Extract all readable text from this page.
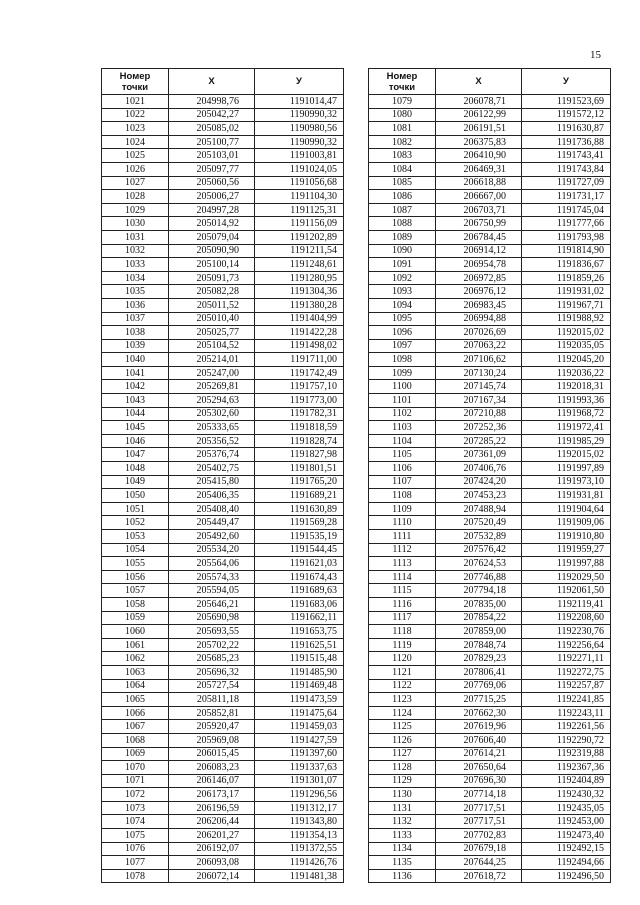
15
Номер
точки	X	У
1021	204998,76	1191014,47
1022	205042,27	1190990,32
1023	205085,02	1190980,56
1024	205100,77	1190990,32
1025	205103,01	1191003,81
1026	205097,77	1191024,05
1027	205060,56	1191056,68
1028	205006,27	1191104,30
1029	204997,28	1191125,31
1030	205014,92	1191156,09
1031	205079,04	1191202,89
1032	205090,90	1191211,54
1033	205100,14	1191248,61
1034	205091,73	1191280,95
1035	205082,28	1191304,36
1036	205011,52	1191380,28
1037	205010,40	1191404,99
1038	205025,77	1191422,28
1039	205104,52	1191498,02
1040	205214,01	1191711,00
1041	205247,00	1191742,49
1042	205269,81	1191757,10
1043	205294,63	1191773,00
1044	205302,60	1191782,31
1045	205333,65	1191818,59
1046	205356,52	1191828,74
1047	205376,74	1191827,98
1048	205402,75	1191801,51
1049	205415,80	1191765,20
1050	205406,35	1191689,21
1051	205408,40	1191630,89
1052	205449,47	1191569,28
1053	205492,60	1191535,19
1054	205534,20	1191544,45
1055	205564,06	1191621,03
1056	205574,33	1191674,43
1057	205594,05	1191689,63
1058	205646,21	1191683,06
1059	205690,98	1191662,11
1060	205693,55	1191653,75
1061	205702,22	1191625,51
1062	205685,23	1191515,48
1063	205696,32	1191485,90
1064	205727,54	1191469,48
1065	205811,18	1191473,59
1066	205852,81	1191475,64
1067	205920,47	1191459,03
1068	205969,08	1191427,59
1069	206015,45	1191397,60
1070	206083,23	1191337,63
1071	206146,07	1191301,07
1072	206173,17	1191296,56
1073	206196,59	1191312,17
1074	206206,44	1191343,80
1075	206201,27	1191354,13
1076	206192,07	1191372,55
1077	206093,08	1191426,76
1078	206072,14	1191481,38
Номер
точки	X	У
1079	206078,71	1191523,69
1080	206122,99	1191572,12
1081	206191,51	1191630,87
1082	206375,83	1191736,88
1083	206410,90	1191743,41
1084	206469,31	1191743,84
1085	206618,88	1191727,09
1086	206667,00	1191731,17
1087	206703,71	1191745,04
1088	206750,99	1191777,66
1089	206784,45	1191793,98
1090	206914,12	1191814,90
1091	206954,78	1191836,67
1092	206972,85	1191859,26
1093	206976,12	1191931,02
1094	206983,45	1191967,71
1095	206994,88	1191988,92
1096	207026,69	1192015,02
1097	207063,22	1192035,05
1098	207106,62	1192045,20
1099	207130,24	1192036,22
1100	207145,74	1192018,31
1101	207167,34	1191993,36
1102	207210,88	1191968,72
1103	207252,36	1191972,41
1104	207285,22	1191985,29
1105	207361,09	1192015,02
1106	207406,76	1191997,89
1107	207424,20	1191973,10
1108	207453,23	1191931,81
1109	207488,94	1191904,64
1110	207520,49	1191909,06
1111	207532,89	1191910,80
1112	207576,42	1191959,27
1113	207624,53	1191997,88
1114	207746,88	1192029,50
1115	207794,18	1192061,50
1116	207835,00	1192119,41
1117	207854,22	1192208,60
1118	207859,00	1192230,76
1119	207848,74	1192256,64
1120	207829,23	1192271,11
1121	207806,41	1192272,75
1122	207769,06	1192257,87
1123	207715,25	1192241,85
1124	207662,30	1192243,11
1125	207619,96	1192261,56
1126	207606,40	1192290,72
1127	207614,21	1192319,88
1128	207650,64	1192367,36
1129	207696,30	1192404,89
1130	207714,18	1192430,32
1131	207717,51	1192435,05
1132	207717,51	1192453,00
1133	207702,83	1192473,40
1134	207679,18	1192492,15
1135	207644,25	1192494,66
1136	207618,72	1192496,50
